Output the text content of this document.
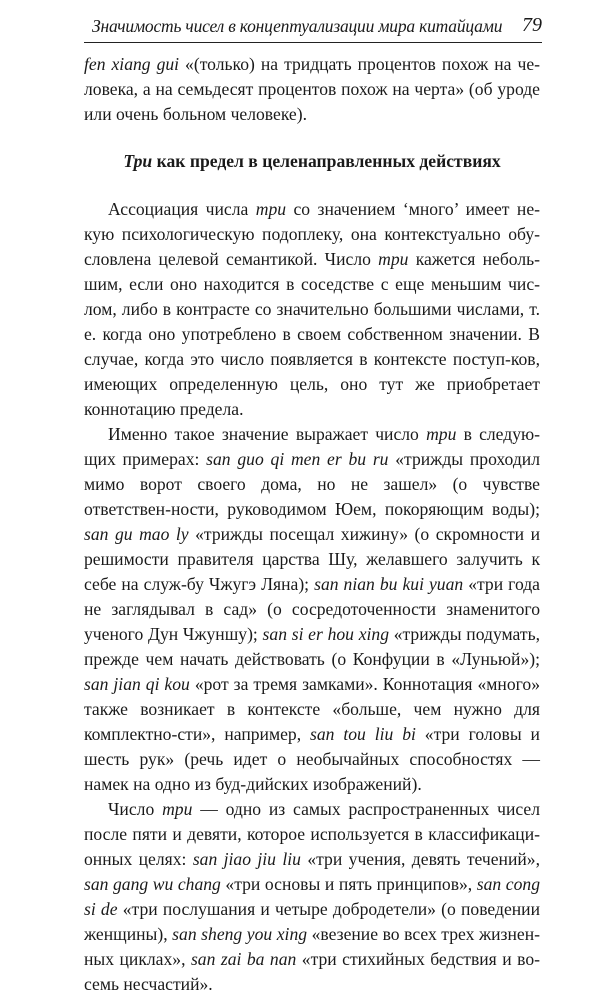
Значимость чисел в концептуализации мира китайцами 79

fen xiang gui «(только) на тридцать процентов похож на че-ловека, а на семьдесят процентов похож на черта» (об уроде или очень больном человеке).

Три как предел в целенаправленных действиях

Ассоциация числа три со значением ‘много’ имеет не-кую психологическую подоплеку, она контекстуально обу-словлена целевой семантикой. Число три кажется неболь-шим, если оно находится в соседстве с еще меньшим чис-лом, либо в контрасте со значительно большими числами, т. е. когда оно употреблено в своем собственном значении. В случае, когда это число появляется в контексте поступ-ков, имеющих определенную цель, оно тут же приобретает коннотацию предела.

Именно такое значение выражает число три в следую-щих примерах: san guo qi men er bu ru «трижды проходил мимо ворот своего дома, но не зашел» (о чувстве ответствен-ности, руководимом Юем, покоряющим воды); san gu mao ly «трижды посещал хижину» (о скромности и решимости правителя царства Шу, желавшего залучить к себе на служ-бу Чжугэ Ляна); san nian bu kui yuan «три года не заглядывал в сад» (о сосредоточенности знаменитого ученого Дун Чжуншу); san si er hou xing «трижды подумать, прежде чем начать действовать (о Конфуции в «Луньюй»); san jian qi kou «рот за тремя замками». Коннотация «много» также возникает в контексте «больше, чем нужно для комплектно-сти», например, san tou liu bi «три головы и шесть рук» (речь идет о необычайных способностях — намек на одно из буд-дийских изображений).

Число три — одно из самых распространенных чисел после пяти и девяти, которое используется в классификаци-онных целях: san jiao jiu liu «три учения, девять течений», san gang wu chang «три основы и пять принципов», san cong si de «три послушания и четыре добродетели» (о поведении женщины), san sheng you xing «везение во всех трех жизнен-ных циклах», san zai ba nan «три стихийных бедствия и во-семь несчастий».
